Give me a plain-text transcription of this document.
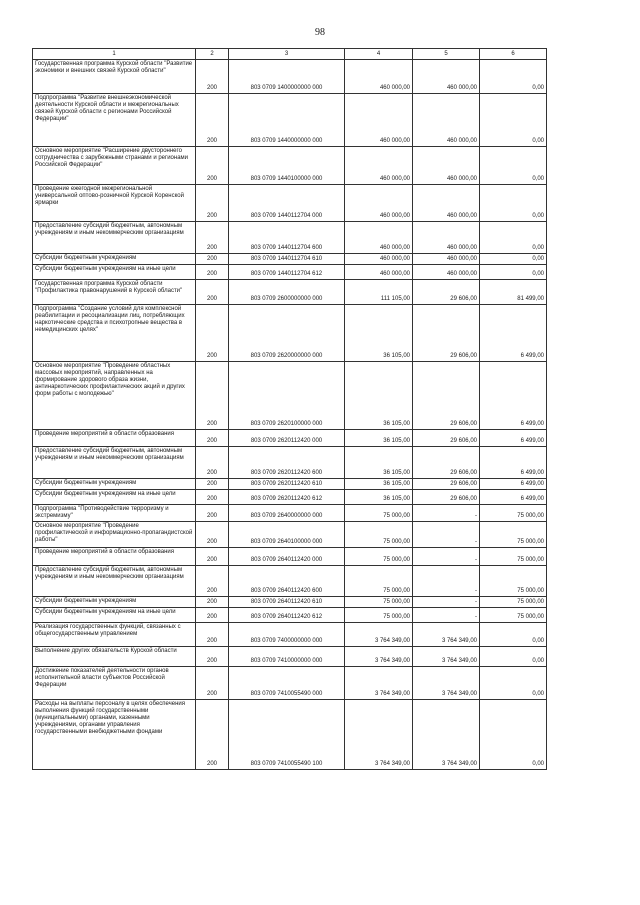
98
1	2	3	4	5	6
Государственная программа Курской области "Развитие экономики и внешних связей Курской области"	200	803 0709 1400000000 000	460 000,00	460 000,00	0,00
Подпрограмма "Развитие внешнеэкономической деятельности Курской области и межрегиональных связей Курской области с регионами Российской Федерации"	200	803 0709 1440000000 000	460 000,00	460 000,00	0,00
Основное мероприятие "Расширение двустороннего сотрудничества с зарубежными странами и регионами Российской Федерации"	200	803 0709 1440100000 000	460 000,00	460 000,00	0,00
Проведение ежегодной межрегиональной универсальной оптово-розничной Курской Коренской ярмарки	200	803 0709 1440112704 000	460 000,00	460 000,00	0,00
Предоставление субсидий бюджетным, автономным учреждениям и иным некоммерческим организациям	200	803 0709 1440112704 600	460 000,00	460 000,00	0,00
Субсидии бюджетным учреждениям	200	803 0709 1440112704 610	460 000,00	460 000,00	0,00
Субсидии бюджетным учреждениям на иные цели	200	803 0709 1440112704 612	460 000,00	460 000,00	0,00
Государственная программа Курской области "Профилактика правонарушений в Курской области"	200	803 0709 2600000000 000	111 105,00	29 606,00	81 499,00
Подпрограмма "Создание условий для комплексной реабилитации и ресоциализации лиц, потребляющих наркотические средства и психотропные вещества в немедицинских целях"	200	803 0709 2620000000 000	36 105,00	29 606,00	6 499,00
Основное мероприятие "Проведение областных массовых мероприятий, направленных на формирование здорового образа жизни, антинаркотических профилактических акций и других форм работы с молодежью"	200	803 0709 2620100000 000	36 105,00	29 606,00	6 499,00
Проведение мероприятий в области образования	200	803 0709 2620112420 000	36 105,00	29 606,00	6 499,00
Предоставление субсидий бюджетным, автономным учреждениям и иным некоммерческим организациям	200	803 0709 2620112420 600	36 105,00	29 606,00	6 499,00
Субсидии бюджетным учреждениям	200	803 0709 2620112420 610	36 105,00	29 606,00	6 499,00
Субсидии бюджетным учреждениям на иные цели	200	803 0709 2620112420 612	36 105,00	29 606,00	6 499,00
Подпрограмма "Противодействие терроризму и экстремизму"	200	803 0709 2640000000 000	75 000,00	-	75 000,00
Основное мероприятие "Проведение профилактической и информационно-пропагандистской работы"	200	803 0709 2640100000 000	75 000,00	-	75 000,00
Проведение мероприятий в области образования	200	803 0709 2640112420 000	75 000,00	-	75 000,00
Предоставление субсидий бюджетным, автономным учреждениям и иным некоммерческим организациям	200	803 0709 2640112420 600	75 000,00	-	75 000,00
Субсидии бюджетным учреждениям	200	803 0709 2640112420 610	75 000,00	-	75 000,00
Субсидии бюджетным учреждениям на иные цели	200	803 0709 2640112420 612	75 000,00	-	75 000,00
Реализация государственных функций, связанных с общегосударственным управлением	200	803 0709 7400000000 000	3 764 349,00	3 764 349,00	0,00
Выполнение других обязательств Курской области	200	803 0709 7410000000 000	3 764 349,00	3 764 349,00	0,00
Достижение показателей деятельности органов исполнительной власти субъектов Российской Федерации	200	803 0709 7410055490 000	3 764 349,00	3 764 349,00	0,00
Расходы на выплаты персоналу в целях обеспечения выполнения функций государственными (муниципальными) органами, казенными учреждениями, органами управления государственными внебюджетными фондами	200	803 0709 7410055490 100	3 764 349,00	3 764 349,00	0,00
